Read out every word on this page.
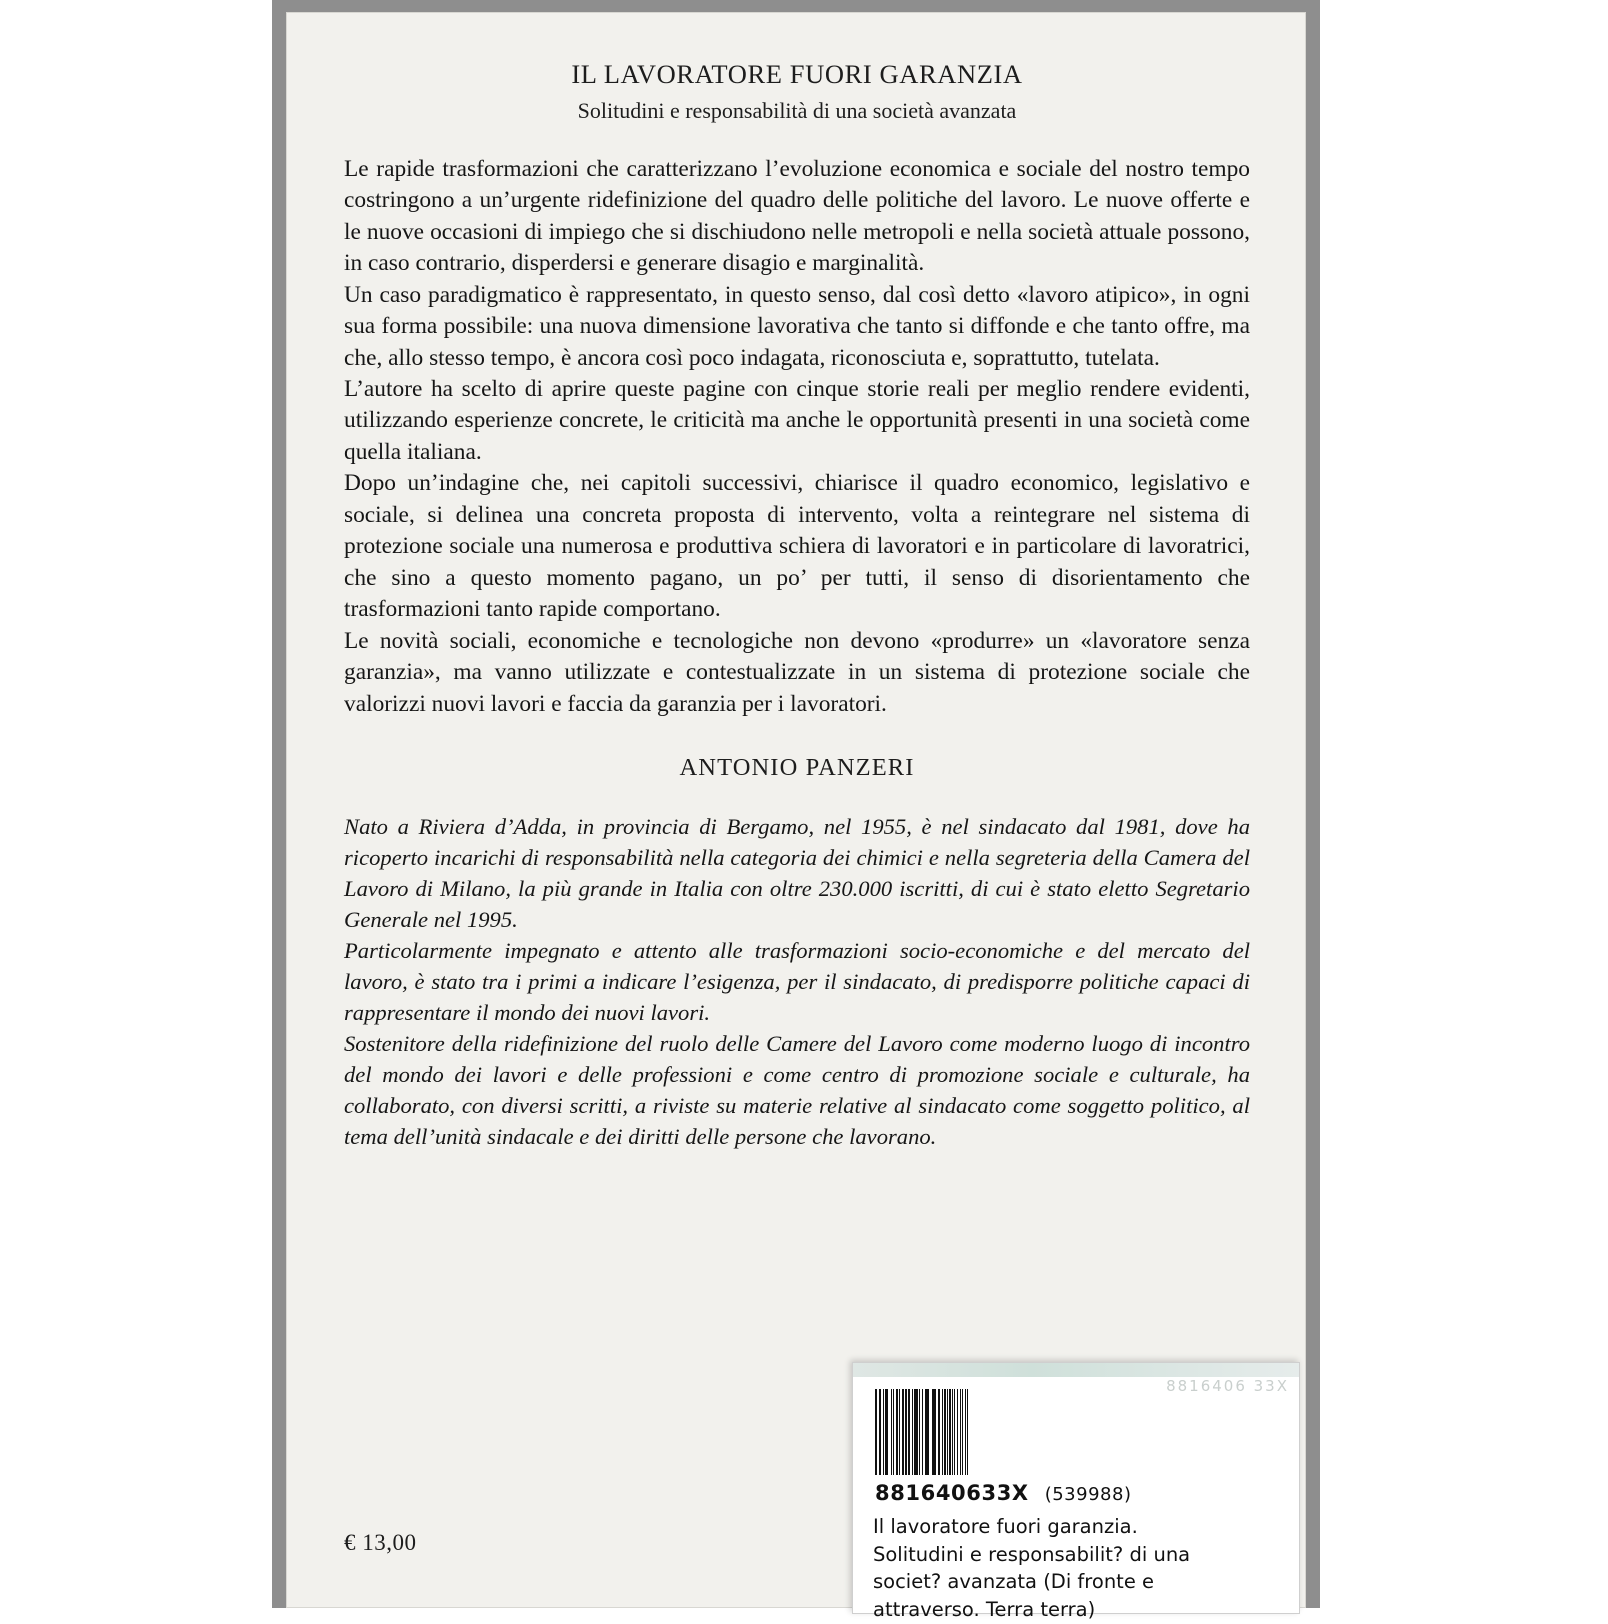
IL LAVORATORE FUORI GARANZIA
Solitudini e responsabilità di una società avanzata

Le rapide trasformazioni che caratterizzano l’evoluzione economica e sociale del nostro tempo costringono a un’urgente ridefinizione del quadro delle politiche del lavoro. Le nuove offerte e le nuove occasioni di impiego che si dischiudono nelle metropoli e nella società attuale possono, in caso contrario, disperdersi e generare disagio e marginalità.

Un caso paradigmatico è rappresentato, in questo senso, dal così detto «lavoro atipico», in ogni sua forma possibile: una nuova dimensione lavorativa che tanto si diffonde e che tanto offre, ma che, allo stesso tempo, è ancora così poco indagata, riconosciuta e, soprattutto, tutelata.

L’autore ha scelto di aprire queste pagine con cinque storie reali per meglio rendere evidenti, utilizzando esperienze concrete, le criticità ma anche le opportunità presenti in una società come quella italiana.

Dopo un’indagine che, nei capitoli successivi, chiarisce il quadro economico, legislativo e sociale, si delinea una concreta proposta di intervento, volta a reintegrare nel sistema di protezione sociale una numerosa e produttiva schiera di lavoratori e in particolare di lavoratrici, che sino a questo momento pagano, un po’ per tutti, il senso di disorientamento che trasformazioni tanto rapide comportano.

Le novità sociali, economiche e tecnologiche non devono «produrre» un «lavoratore senza garanzia», ma vanno utilizzate e contestualizzate in un sistema di protezione sociale che valorizzi nuovi lavori e faccia da garanzia per i lavoratori.

ANTONIO PANZERI

Nato a Riviera d’Adda, in provincia di Bergamo, nel 1955, è nel sindacato dal 1981, dove ha ricoperto incarichi di responsabilità nella categoria dei chimici e nella segreteria della Camera del Lavoro di Milano, la più grande in Italia con oltre 230.000 iscritti, di cui è stato eletto Segretario Generale nel 1995.

Particolarmente impegnato e attento alle trasformazioni socio-economiche e del mercato del lavoro, è stato tra i primi a indicare l’esigenza, per il sindacato, di predisporre politiche capaci di rappresentare il mondo dei nuovi lavori.

Sostenitore della ridefinizione del ruolo delle Camere del Lavoro come moderno luogo di incontro del mondo dei lavori e delle professioni e come centro di promozione sociale e culturale, ha collaborato, con diversi scritti, a riviste su materie relative al sindacato come soggetto politico, al tema dell’unità sindacale e dei diritti delle persone che lavorano.

€ 13,00
8816406 33X
881640633X (539988)
Il lavoratore fuori garanzia.
Solitudini e responsabilit? di una
societ? avanzata (Di fronte e
attraverso. Terra terra)
